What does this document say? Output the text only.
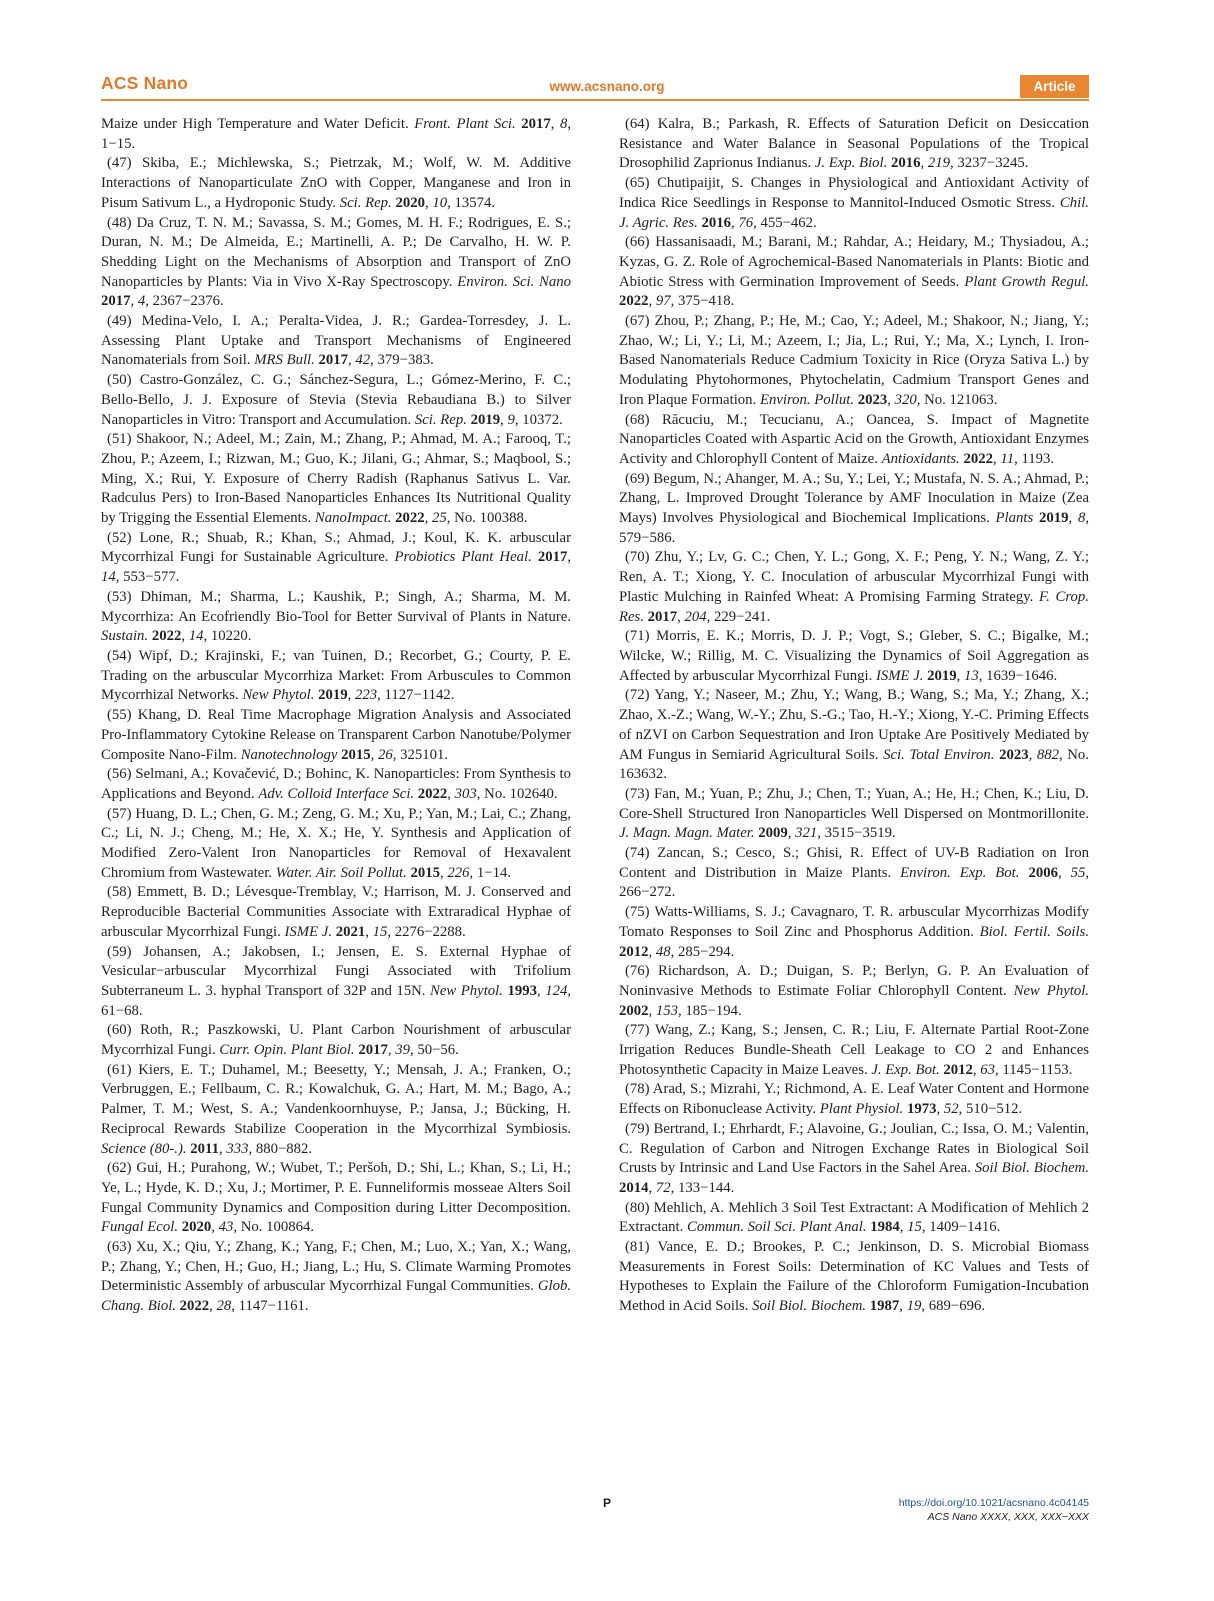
ACS Nano	www.acsnano.org	Article

Maize under High Temperature and Water Deficit. Front. Plant Sci. 2017, 8, 1−15.

(47) Skiba, E.; Michlewska, S.; Pietrzak, M.; Wolf, W. M. Additive Interactions of Nanoparticulate ZnO with Copper, Manganese and Iron in Pisum Sativum L., a Hydroponic Study. Sci. Rep. 2020, 10, 13574.

(48) Da Cruz, T. N. M.; Savassa, S. M.; Gomes, M. H. F.; Rodrigues, E. S.; Duran, N. M.; De Almeida, E.; Martinelli, A. P.; De Carvalho, H. W. P. Shedding Light on the Mechanisms of Absorption and Transport of ZnO Nanoparticles by Plants: Via in Vivo X-Ray Spectroscopy. Environ. Sci. Nano 2017, 4, 2367−2376.

(49) Medina-Velo, I. A.; Peralta-Videa, J. R.; Gardea-Torresdey, J. L. Assessing Plant Uptake and Transport Mechanisms of Engineered Nanomaterials from Soil. MRS Bull. 2017, 42, 379−383.

(50) Castro-González, C. G.; Sánchez-Segura, L.; Gómez-Merino, F. C.; Bello-Bello, J. J. Exposure of Stevia (Stevia Rebaudiana B.) to Silver Nanoparticles in Vitro: Transport and Accumulation. Sci. Rep. 2019, 9, 10372.

(51) Shakoor, N.; Adeel, M.; Zain, M.; Zhang, P.; Ahmad, M. A.; Farooq, T.; Zhou, P.; Azeem, I.; Rizwan, M.; Guo, K.; Jilani, G.; Ahmar, S.; Maqbool, S.; Ming, X.; Rui, Y. Exposure of Cherry Radish (Raphanus Sativus L. Var. Radculus Pers) to Iron-Based Nanoparticles Enhances Its Nutritional Quality by Trigging the Essential Elements. NanoImpact. 2022, 25, No. 100388.

(52) Lone, R.; Shuab, R.; Khan, S.; Ahmad, J.; Koul, K. K. arbuscular Mycorrhizal Fungi for Sustainable Agriculture. Probiotics Plant Heal. 2017, 14, 553−577.

(53) Dhiman, M.; Sharma, L.; Kaushik, P.; Singh, A.; Sharma, M. M. Mycorrhiza: An Ecofriendly Bio-Tool for Better Survival of Plants in Nature. Sustain. 2022, 14, 10220.

(54) Wipf, D.; Krajinski, F.; van Tuinen, D.; Recorbet, G.; Courty, P. E. Trading on the arbuscular Mycorrhiza Market: From Arbuscules to Common Mycorrhizal Networks. New Phytol. 2019, 223, 1127−1142.

(55) Khang, D. Real Time Macrophage Migration Analysis and Associated Pro-Inflammatory Cytokine Release on Transparent Carbon Nanotube/Polymer Composite Nano-Film. Nanotechnology 2015, 26, 325101.

(56) Selmani, A.; Kovačević, D.; Bohinc, K. Nanoparticles: From Synthesis to Applications and Beyond. Adv. Colloid Interface Sci. 2022, 303, No. 102640.

(57) Huang, D. L.; Chen, G. M.; Zeng, G. M.; Xu, P.; Yan, M.; Lai, C.; Zhang, C.; Li, N. J.; Cheng, M.; He, X. X.; He, Y. Synthesis and Application of Modified Zero-Valent Iron Nanoparticles for Removal of Hexavalent Chromium from Wastewater. Water. Air. Soil Pollut. 2015, 226, 1−14.

(58) Emmett, B. D.; Lévesque-Tremblay, V.; Harrison, M. J. Conserved and Reproducible Bacterial Communities Associate with Extraradical Hyphae of arbuscular Mycorrhizal Fungi. ISME J. 2021, 15, 2276−2288.

(59) Johansen, A.; Jakobsen, I.; Jensen, E. S. External Hyphae of Vesicular−arbuscular Mycorrhizal Fungi Associated with Trifolium Subterraneum L. 3. hyphal Transport of 32P and 15N. New Phytol. 1993, 124, 61−68.

(60) Roth, R.; Paszkowski, U. Plant Carbon Nourishment of arbuscular Mycorrhizal Fungi. Curr. Opin. Plant Biol. 2017, 39, 50−56.

(61) Kiers, E. T.; Duhamel, M.; Beesetty, Y.; Mensah, J. A.; Franken, O.; Verbruggen, E.; Fellbaum, C. R.; Kowalchuk, G. A.; Hart, M. M.; Bago, A.; Palmer, T. M.; West, S. A.; Vandenkoornhuyse, P.; Jansa, J.; Bücking, H. Reciprocal Rewards Stabilize Cooperation in the Mycorrhizal Symbiosis. Science (80-.). 2011, 333, 880−882.

(62) Gui, H.; Purahong, W.; Wubet, T.; Peršoh, D.; Shi, L.; Khan, S.; Li, H.; Ye, L.; Hyde, K. D.; Xu, J.; Mortimer, P. E. Funneliformis mosseae Alters Soil Fungal Community Dynamics and Composition during Litter Decomposition. Fungal Ecol. 2020, 43, No. 100864.

(63) Xu, X.; Qiu, Y.; Zhang, K.; Yang, F.; Chen, M.; Luo, X.; Yan, X.; Wang, P.; Zhang, Y.; Chen, H.; Guo, H.; Jiang, L.; Hu, S. Climate Warming Promotes Deterministic Assembly of arbuscular Mycorrhizal Fungal Communities. Glob. Chang. Biol. 2022, 28, 1147−1161.

(64) Kalra, B.; Parkash, R. Effects of Saturation Deficit on Desiccation Resistance and Water Balance in Seasonal Populations of the Tropical Drosophilid Zaprionus Indianus. J. Exp. Biol. 2016, 219, 3237−3245.

(65) Chutipaijit, S. Changes in Physiological and Antioxidant Activity of Indica Rice Seedlings in Response to Mannitol-Induced Osmotic Stress. Chil. J. Agric. Res. 2016, 76, 455−462.

(66) Hassanisaadi, M.; Barani, M.; Rahdar, A.; Heidary, M.; Thysiadou, A.; Kyzas, G. Z. Role of Agrochemical-Based Nanomaterials in Plants: Biotic and Abiotic Stress with Germination Improvement of Seeds. Plant Growth Regul. 2022, 97, 375−418.

(67) Zhou, P.; Zhang, P.; He, M.; Cao, Y.; Adeel, M.; Shakoor, N.; Jiang, Y.; Zhao, W.; Li, Y.; Li, M.; Azeem, I.; Jia, L.; Rui, Y.; Ma, X.; Lynch, I. Iron-Based Nanomaterials Reduce Cadmium Toxicity in Rice (Oryza Sativa L.) by Modulating Phytohormones, Phytochelatin, Cadmium Transport Genes and Iron Plaque Formation. Environ. Pollut. 2023, 320, No. 121063.

(68) Răcuciu, M.; Tecucianu, A.; Oancea, S. Impact of Magnetite Nanoparticles Coated with Aspartic Acid on the Growth, Antioxidant Enzymes Activity and Chlorophyll Content of Maize. Antioxidants. 2022, 11, 1193.

(69) Begum, N.; Ahanger, M. A.; Su, Y.; Lei, Y.; Mustafa, N. S. A.; Ahmad, P.; Zhang, L. Improved Drought Tolerance by AMF Inoculation in Maize (Zea Mays) Involves Physiological and Biochemical Implications. Plants 2019, 8, 579−586.

(70) Zhu, Y.; Lv, G. C.; Chen, Y. L.; Gong, X. F.; Peng, Y. N.; Wang, Z. Y.; Ren, A. T.; Xiong, Y. C. Inoculation of arbuscular Mycorrhizal Fungi with Plastic Mulching in Rainfed Wheat: A Promising Farming Strategy. F. Crop. Res. 2017, 204, 229−241.

(71) Morris, E. K.; Morris, D. J. P.; Vogt, S.; Gleber, S. C.; Bigalke, M.; Wilcke, W.; Rillig, M. C. Visualizing the Dynamics of Soil Aggregation as Affected by arbuscular Mycorrhizal Fungi. ISME J. 2019, 13, 1639−1646.

(72) Yang, Y.; Naseer, M.; Zhu, Y.; Wang, B.; Wang, S.; Ma, Y.; Zhang, X.; Zhao, X.-Z.; Wang, W.-Y.; Zhu, S.-G.; Tao, H.-Y.; Xiong, Y.-C. Priming Effects of nZVI on Carbon Sequestration and Iron Uptake Are Positively Mediated by AM Fungus in Semiarid Agricultural Soils. Sci. Total Environ. 2023, 882, No. 163632.

(73) Fan, M.; Yuan, P.; Zhu, J.; Chen, T.; Yuan, A.; He, H.; Chen, K.; Liu, D. Core-Shell Structured Iron Nanoparticles Well Dispersed on Montmorillonite. J. Magn. Magn. Mater. 2009, 321, 3515−3519.

(74) Zancan, S.; Cesco, S.; Ghisi, R. Effect of UV-B Radiation on Iron Content and Distribution in Maize Plants. Environ. Exp. Bot. 2006, 55, 266−272.

(75) Watts-Williams, S. J.; Cavagnaro, T. R. arbuscular Mycorrhizas Modify Tomato Responses to Soil Zinc and Phosphorus Addition. Biol. Fertil. Soils. 2012, 48, 285−294.

(76) Richardson, A. D.; Duigan, S. P.; Berlyn, G. P. An Evaluation of Noninvasive Methods to Estimate Foliar Chlorophyll Content. New Phytol. 2002, 153, 185−194.

(77) Wang, Z.; Kang, S.; Jensen, C. R.; Liu, F. Alternate Partial Root-Zone Irrigation Reduces Bundle-Sheath Cell Leakage to CO 2 and Enhances Photosynthetic Capacity in Maize Leaves. J. Exp. Bot. 2012, 63, 1145−1153.

(78) Arad, S.; Mizrahi, Y.; Richmond, A. E. Leaf Water Content and Hormone Effects on Ribonuclease Activity. Plant Physiol. 1973, 52, 510−512.

(79) Bertrand, I.; Ehrhardt, F.; Alavoine, G.; Joulian, C.; Issa, O. M.; Valentin, C. Regulation of Carbon and Nitrogen Exchange Rates in Biological Soil Crusts by Intrinsic and Land Use Factors in the Sahel Area. Soil Biol. Biochem. 2014, 72, 133−144.

(80) Mehlich, A. Mehlich 3 Soil Test Extractant: A Modification of Mehlich 2 Extractant. Commun. Soil Sci. Plant Anal. 1984, 15, 1409−1416.

(81) Vance, E. D.; Brookes, P. C.; Jenkinson, D. S. Microbial Biomass Measurements in Forest Soils: Determination of KC Values and Tests of Hypotheses to Explain the Failure of the Chloroform Fumigation-Incubation Method in Acid Soils. Soil Biol. Biochem. 1987, 19, 689−696.

P	https://doi.org/10.1021/acsnano.4c04145
ACS Nano XXXX, XXX, XXX−XXX
